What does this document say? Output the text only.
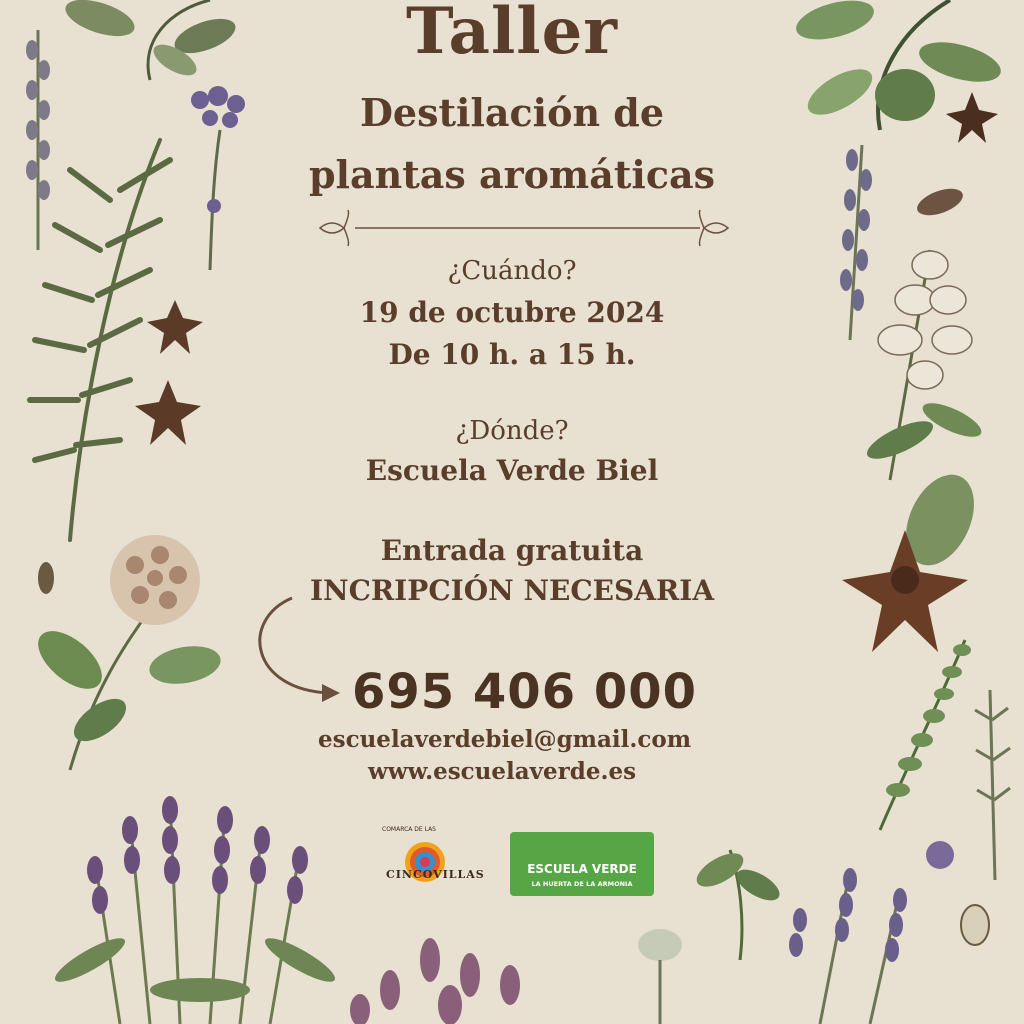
Taller
Destilación de
plantas aromáticas
¿Cuándo?
19 de octubre 2024
De 10 h. a 15 h.
¿Dónde?
Escuela Verde Biel
Entrada gratuita
INCRIPCIÓN NECESARIA
695 406 000
escuelaverdebiel@gmail.com
www.escuelaverde.es
COMARCA DE LAS
CINCOVILLAS	ESCUELA VERDE
LA HUERTA DE LA ARMONIA
